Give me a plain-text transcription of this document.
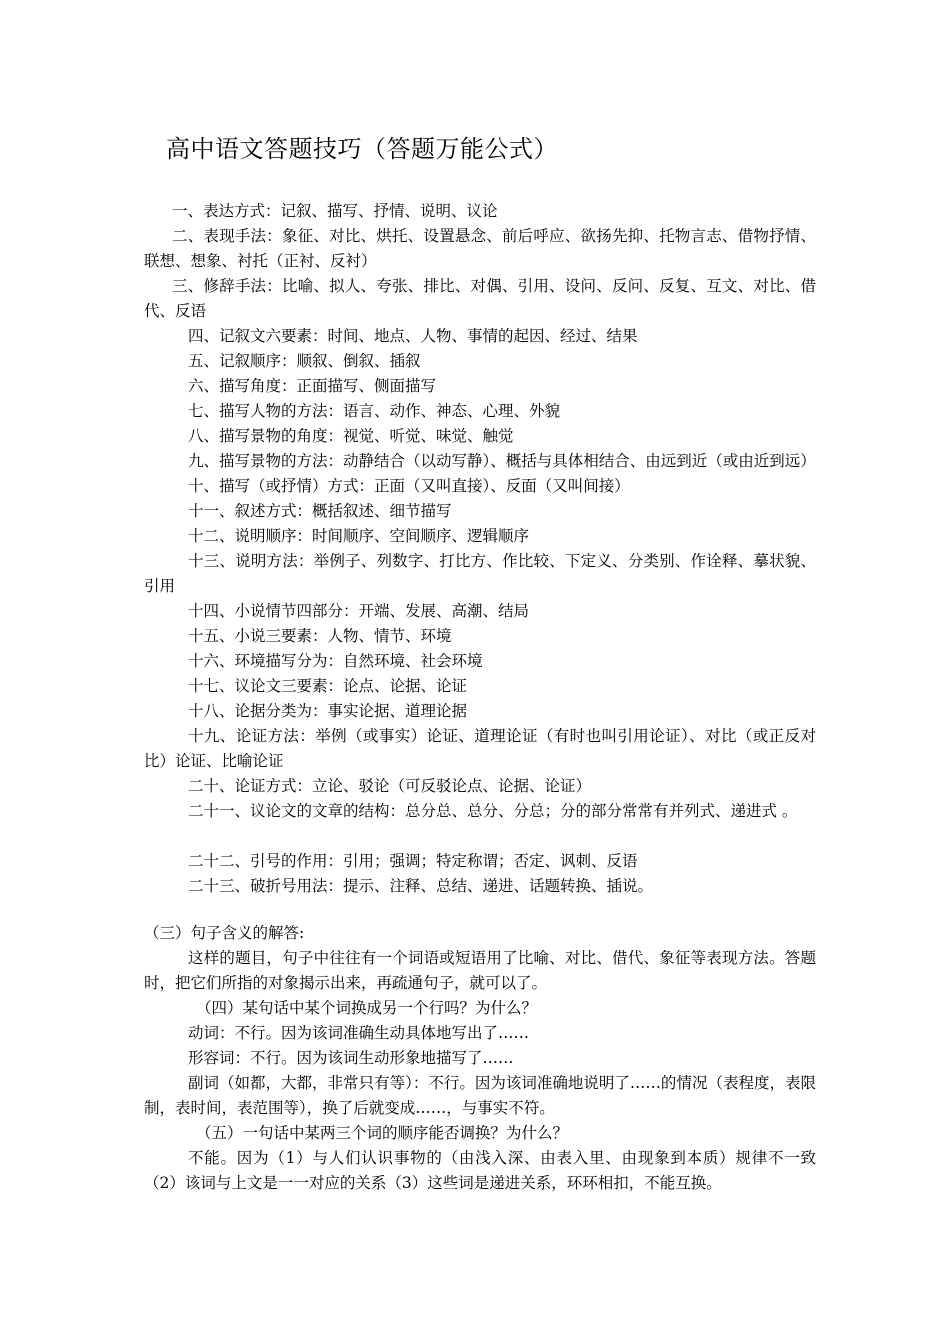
高中语文答题技巧（答题万能公式）

一、表达方式：记叙、描写、抒情、说明、议论

二、表现手法：象征、对比、烘托、设置悬念、前后呼应、欲扬先抑、托物言志、借物抒情、联想、想象、衬托（正衬、反衬）

三、修辞手法：比喻、拟人、夸张、排比、对偶、引用、设问、反问、反复、互文、对比、借代、反语

四、记叙文六要素：时间、地点、人物、事情的起因、经过、结果

五、记叙顺序：顺叙、倒叙、插叙

六、描写角度：正面描写、侧面描写

七、描写人物的方法：语言、动作、神态、心理、外貌

八、描写景物的角度：视觉、听觉、味觉、触觉

九、描写景物的方法：动静结合（以动写静）、概括与具体相结合、由远到近（或由近到远）

十、描写（或抒情）方式：正面（又叫直接）、反面（又叫间接）

十一、叙述方式：概括叙述、细节描写

十二、说明顺序：时间顺序、空间顺序、逻辑顺序

十三、说明方法：举例子、列数字、打比方、作比较、下定义、分类别、作诠释、摹状貌、引用

十四、小说情节四部分：开端、发展、高潮、结局

十五、小说三要素：人物、情节、环境

十六、环境描写分为：自然环境、社会环境

十七、议论文三要素：论点、论据、论证

十八、论据分类为：事实论据、道理论据

十九、论证方法：举例（或事实）论证、道理论证（有时也叫引用论证）、对比（或正反对比）论证、比喻论证

二十、论证方式：立论、驳论（可反驳论点、论据、论证）

二十一、议论文的文章的结构：总分总、总分、分总；分的部分常常有并列式、递进式 。

二十二、引号的作用：引用；强调；特定称谓；否定、讽刺、反语

二十三、破折号用法：提示、注释、总结、递进、话题转换、插说。

（三）句子含义的解答:

这样的题目，句子中往往有一个词语或短语用了比喻、对比、借代、象征等表现方法。答题时，把它们所指的对象揭示出来，再疏通句子，就可以了。

（四）某句话中某个词换成另一个行吗？为什么？

动词：不行。因为该词准确生动具体地写出了……

形容词：不行。因为该词生动形象地描写了……

副词（如都，大都，非常只有等）：不行。因为该词准确地说明了……的情况（表程度，表限制，表时间，表范围等），换了后就变成……，与事实不符。

（五）一句话中某两三个词的顺序能否调换？为什么？

不能。因为（1）与人们认识事物的（由浅入深、由表入里、由现象到本质）规律不一致（2）该词与上文是一一对应的关系（3）这些词是递进关系，环环相扣，不能互换。
